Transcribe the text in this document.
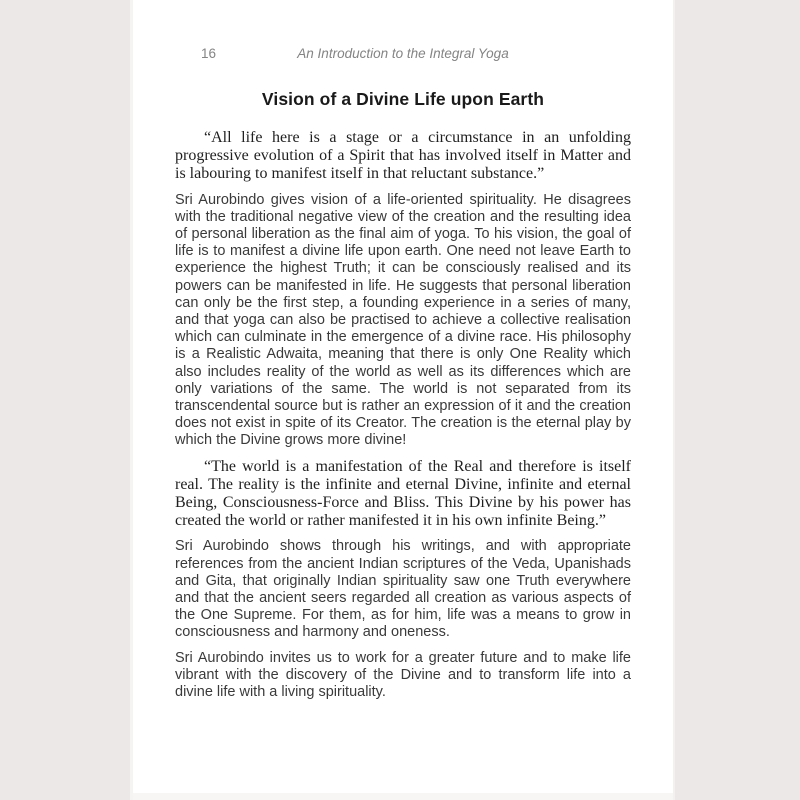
16	An Introduction to the Integral Yoga
Vision of a Divine Life upon Earth

“All life here is a stage or a circumstance in an unfolding progressive evolution of a Spirit that has involved itself in Matter and is labouring to manifest itself in that reluctant substance.”

Sri Aurobindo gives vision of a life-oriented spirituality. He disagrees with the traditional negative view of the creation and the resulting idea of personal liberation as the final aim of yoga. To his vision, the goal of life is to manifest a divine life upon earth. One need not leave Earth to experience the highest Truth; it can be consciously realised and its powers can be manifested in life. He suggests that personal liberation can only be the first step, a founding experience in a series of many, and that yoga can also be practised to achieve a collective realisation which can culminate in the emergence of a divine race. His philosophy is a Realistic Adwaita, meaning that there is only One Reality which also includes reality of the world as well as its differences which are only variations of the same. The world is not separated from its transcendental source but is rather an expression of it and the creation does not exist in spite of its Creator. The creation is the eternal play by which the Divine grows more divine!

“The world is a manifestation of the Real and therefore is itself real. The reality is the infinite and eternal Divine, infinite and eternal Being, Consciousness-Force and Bliss. This Divine by his power has created the world or rather manifested it in his own infinite Being.”

Sri Aurobindo shows through his writings, and with appropriate references from the ancient Indian scriptures of the Veda, Upanishads and Gita, that originally Indian spirituality saw one Truth everywhere and that the ancient seers regarded all creation as various aspects of the One Supreme. For them, as for him, life was a means to grow in consciousness and harmony and oneness.

Sri Aurobindo invites us to work for a greater future and to make life vibrant with the discovery of the Divine and to transform life into a divine life with a living spirituality.
